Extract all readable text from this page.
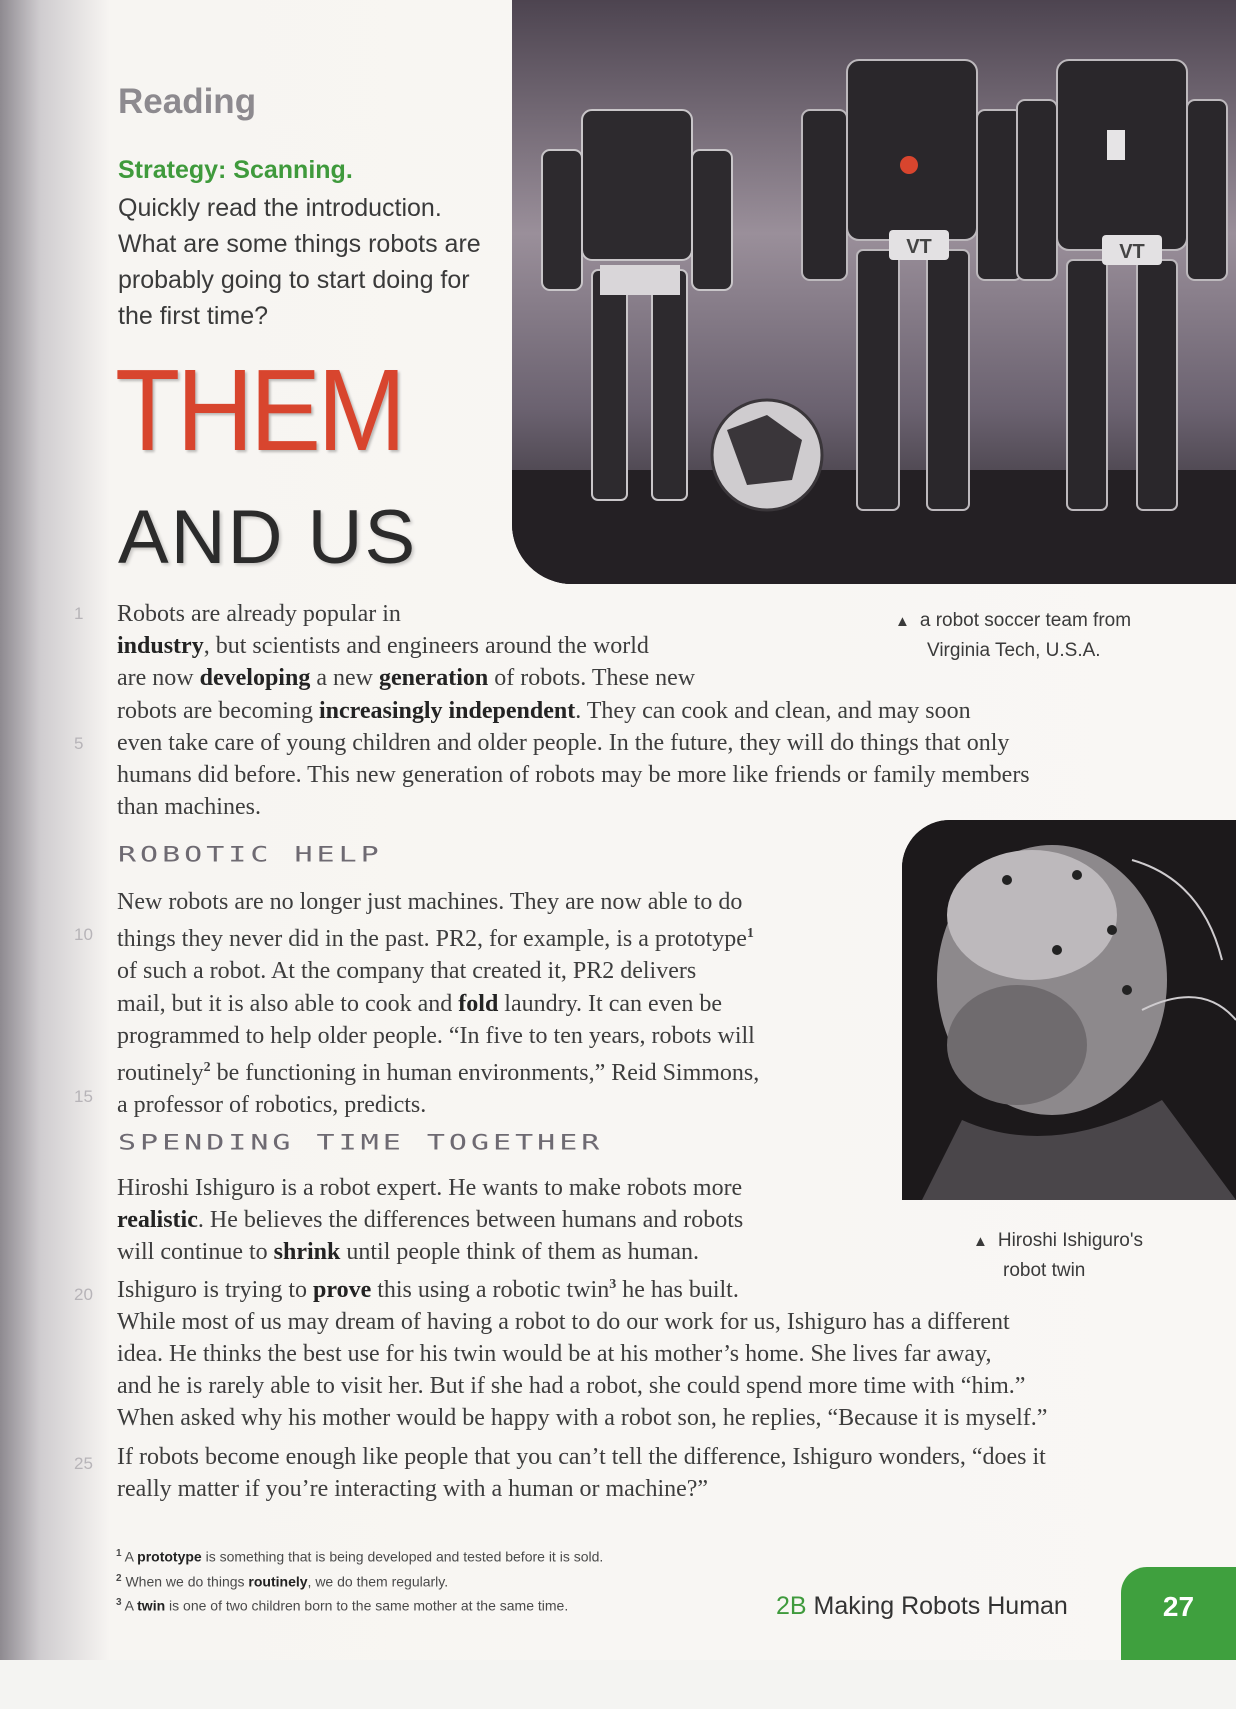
VT	VT
Reading
Strategy: Scanning.
Quickly read the introduction. What are some things robots are probably going to start doing for the first time?
THEM
AND US
▲ a robot soccer team from
Virginia Tech, U.S.A.
1
5
10
15
20
25
Robots are already popular in
industry, but scientists and engineers around the world
are now developing a new generation of robots. These new
robots are becoming increasingly independent. They can cook and clean, and may soon
even take care of young children and older people. In the future, they will do things that only
humans did before. This new generation of robots may be more like friends or family members
than machines.
ROBOTIC HELP
New robots are no longer just machines. They are now able to do
things they never did in the past. PR2, for example, is a prototype$^1$
of such a robot. At the company that created it, PR2 delivers
mail, but it is also able to cook and fold laundry. It can even be
programmed to help older people. “In five to ten years, robots will
routinely$^2$ be functioning in human environments,” Reid Simmons,
a professor of robotics, predicts.
▲ Hiroshi Ishiguro's
robot twin
SPENDING TIME TOGETHER
Hiroshi Ishiguro is a robot expert. He wants to make robots more
realistic. He believes the differences between humans and robots
will continue to shrink until people think of them as human.
Ishiguro is trying to prove this using a robotic twin$^3$ he has built.
While most of us may dream of having a robot to do our work for us, Ishiguro has a different
idea. He thinks the best use for his twin would be at his mother’s home. She lives far away,
and he is rarely able to visit her. But if she had a robot, she could spend more time with “him.”
When asked why his mother would be happy with a robot son, he replies, “Because it is myself.”
If robots become enough like people that you can’t tell the difference, Ishiguro wonders, “does it
really matter if you’re interacting with a human or machine?”
$^1$ A prototype is something that is being developed and tested before it is sold.
$^2$ When we do things routinely, we do them regularly.
$^3$ A twin is one of two children born to the same mother at the same time.	2B Making Robots Human	27
